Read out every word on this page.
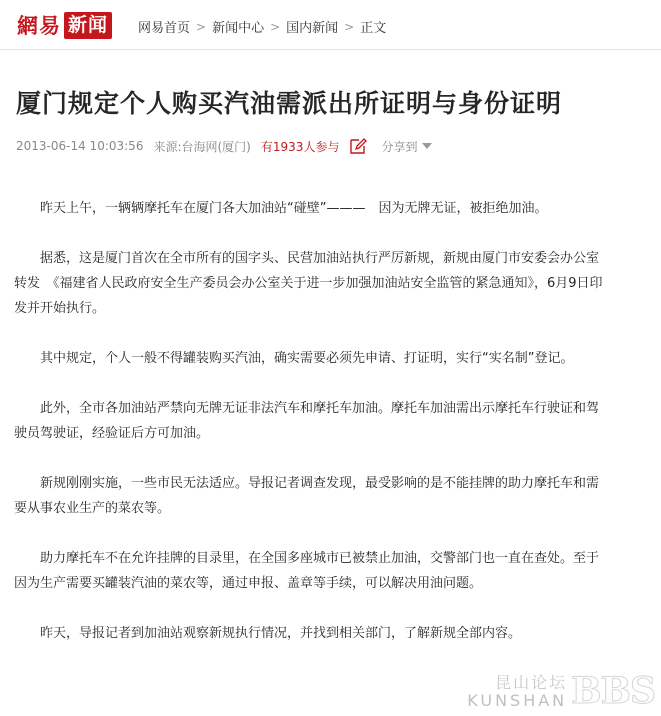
網易 新闻	网易首页 > 新闻中心 > 国内新闻 > 正文
厦门规定个人购买汽油需派出所证明与身份证明
2013-06-14 10:03:56 来源: 台海网(厦门) 有1933人参与	分享到

昨天上午，一辆辆摩托车在厦门各大加油站“碰壁”———　因为无牌无证，被拒绝加油。

据悉，这是厦门首次在全市所有的国字头、民营加油站执行严厉新规，新规由厦门市安委会办公室转发　《福建省人民政府安全生产委员会办公室关于进一步加强加油站安全监管的紧急通知》，6月9日印发并开始执行。

其中规定，个人一般不得罐装购买汽油，确实需要必须先申请、打证明，实行“实名制”登记。

此外，全市各加油站严禁向无牌无证非法汽车和摩托车加油。摩托车加油需出示摩托车行驶证和驾驶员驾驶证，经验证后方可加油。

新规刚刚实施，一些市民无法适应。导报记者调查发现，最受影响的是不能挂牌的助力摩托车和需要从事农业生产的菜农等。

助力摩托车不在允许挂牌的目录里，在全国多座城市已被禁止加油，交警部门也一直在查处。至于因为生产需要买罐装汽油的菜农等，通过申报、盖章等手续，可以解决用油问题。

昨天，导报记者到加油站观察新规执行情况，并找到相关部门，了解新规全部内容。

昆山论坛
KUNSHAN BBS
